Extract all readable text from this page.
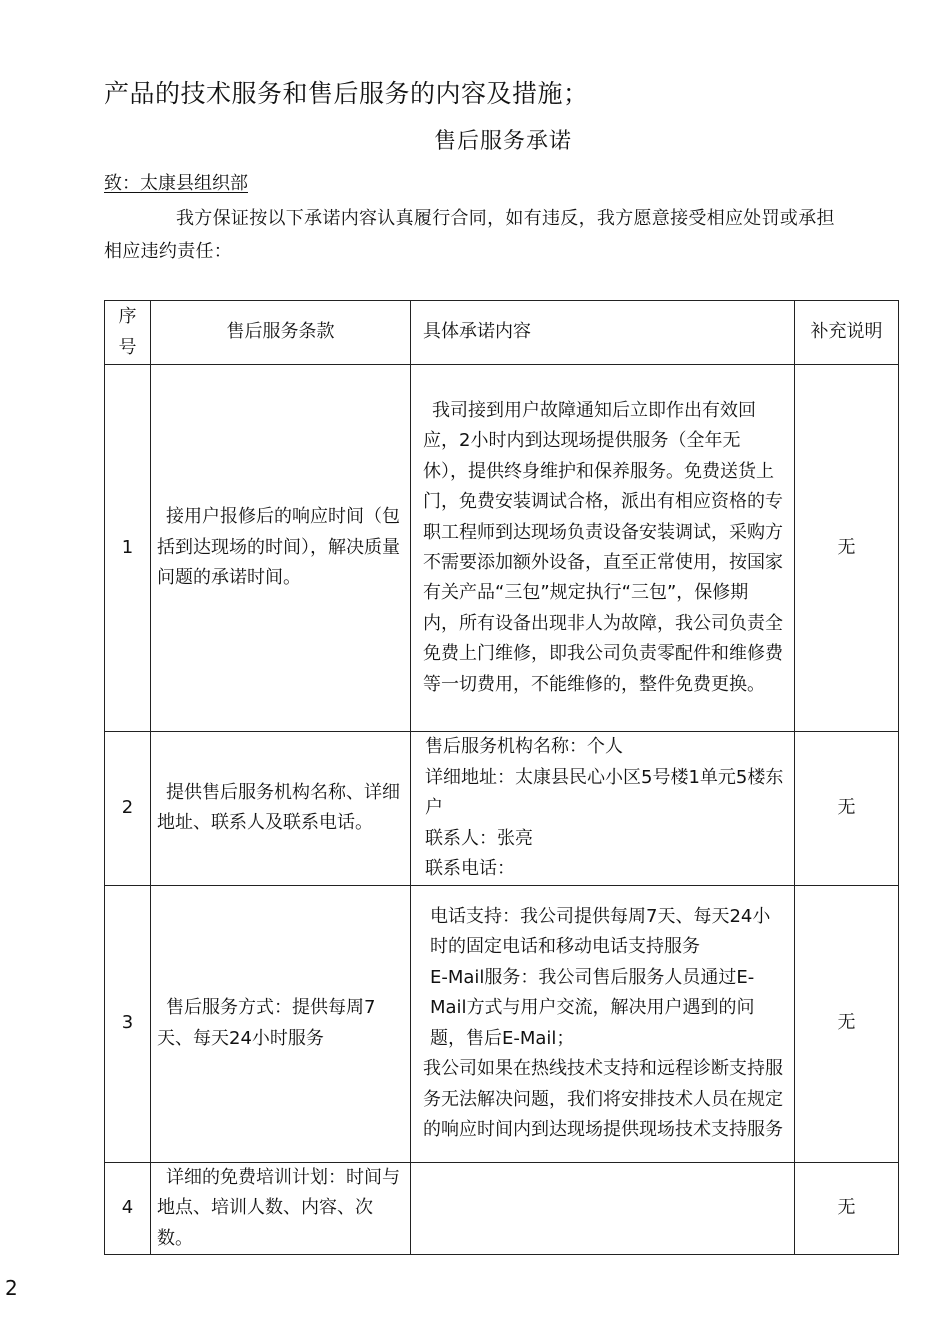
产品的技术服务和售后服务的内容及措施；
售后服务承诺
致：太康县组织部
我方保证按以下承诺内容认真履行合同，如有违反，我方愿意接受相应处罚或承担相应违约责任：
序号	售后服务条款	具体承诺内容	补充说明
1	接用户报修后的响应时间（包括到达现场的时间），解决质量问题的承诺时间。	我司接到用户故障通知后立即作出有效回应，2小时内到达现场提供服务（全年无休），提供终身维护和保养服务。免费送货上门，免费安装调试合格，派出有相应资格的专职工程师到达现场负责设备安装调试，采购方不需要添加额外设备，直至正常使用，按国家有关产品“三包”规定执行“三包”，保修期内，所有设备出现非人为故障，我公司负责全免费上门维修，即我公司负责零配件和维修费等一切费用，不能维修的，整件免费更换。	无
2	提供售后服务机构名称、详细地址、联系人及联系电话。	售后服务机构名称：个人
详细地址：太康县民心小区5号楼1单元5楼东户
联系人：张亮
联系电话：	无
3	售后服务方式：提供每周7天、每天24小时服务	电话支持：我公司提供每周7天、每天24小时的固定电话和移动电话支持服务
E-Mail服务：我公司售后服务人员通过E-Mail方式与用户交流，解决用户遇到的问题，售后E-Mail；
我公司如果在热线技术支持和远程诊断支持服务无法解决问题，我们将安排技术人员在规定的响应时间内到达现场提供现场技术支持服务	无
4	详细的免费培训计划：时间与地点、培训人数、内容、次数。		无
2
